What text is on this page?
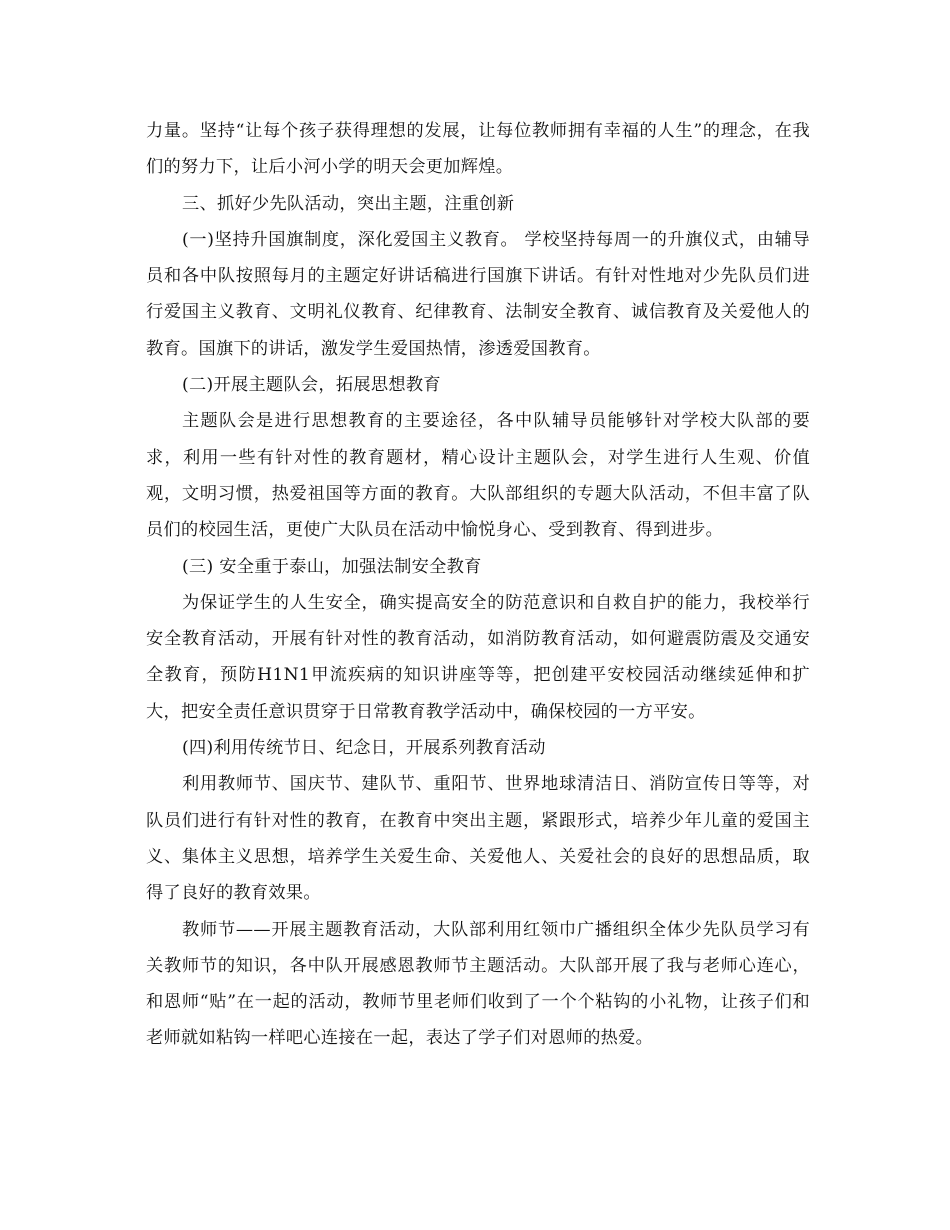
力量。坚持“让每个孩子获得理想的发展，让每位教师拥有幸福的人生”的理念，在我们的努力下，让后小河小学的明天会更加辉煌。

三、抓好少先队活动，突出主题，注重创新

(一)坚持升国旗制度，深化爱国主义教育。 学校坚持每周一的升旗仪式，由辅导员和各中队按照每月的主题定好讲话稿进行国旗下讲话。有针对性地对少先队员们进行爱国主义教育、文明礼仪教育、纪律教育、法制安全教育、诚信教育及关爱他人的教育。国旗下的讲话，激发学生爱国热情，渗透爱国教育。

(二)开展主题队会，拓展思想教育

主题队会是进行思想教育的主要途径，各中队辅导员能够针对学校大队部的要求，利用一些有针对性的教育题材，精心设计主题队会，对学生进行人生观、价值观，文明习惯，热爱祖国等方面的教育。大队部组织的专题大队活动，不但丰富了队员们的校园生活，更使广大队员在活动中愉悦身心、受到教育、得到进步。

(三) 安全重于泰山，加强法制安全教育

为保证学生的人生安全，确实提高安全的防范意识和自救自护的能力，我校举行安全教育活动，开展有针对性的教育活动，如消防教育活动，如何避震防震及交通安全教育，预防H1N1甲流疾病的知识讲座等等，把创建平安校园活动继续延伸和扩大，把安全责任意识贯穿于日常教育教学活动中，确保校园的一方平安。

(四)利用传统节日、纪念日，开展系列教育活动

利用教师节、国庆节、建队节、重阳节、世界地球清洁日、消防宣传日等等，对队员们进行有针对性的教育，在教育中突出主题，紧跟形式，培养少年儿童的爱国主义、集体主义思想，培养学生关爱生命、关爱他人、关爱社会的良好的思想品质，取得了良好的教育效果。

教师节——开展主题教育活动，大队部利用红领巾广播组织全体少先队员学习有关教师节的知识，各中队开展感恩教师节主题活动。大队部开展了我与老师心连心，和恩师“贴”在一起的活动，教师节里老师们收到了一个个粘钩的小礼物，让孩子们和老师就如粘钩一样吧心连接在一起，表达了学子们对恩师的热爱。
